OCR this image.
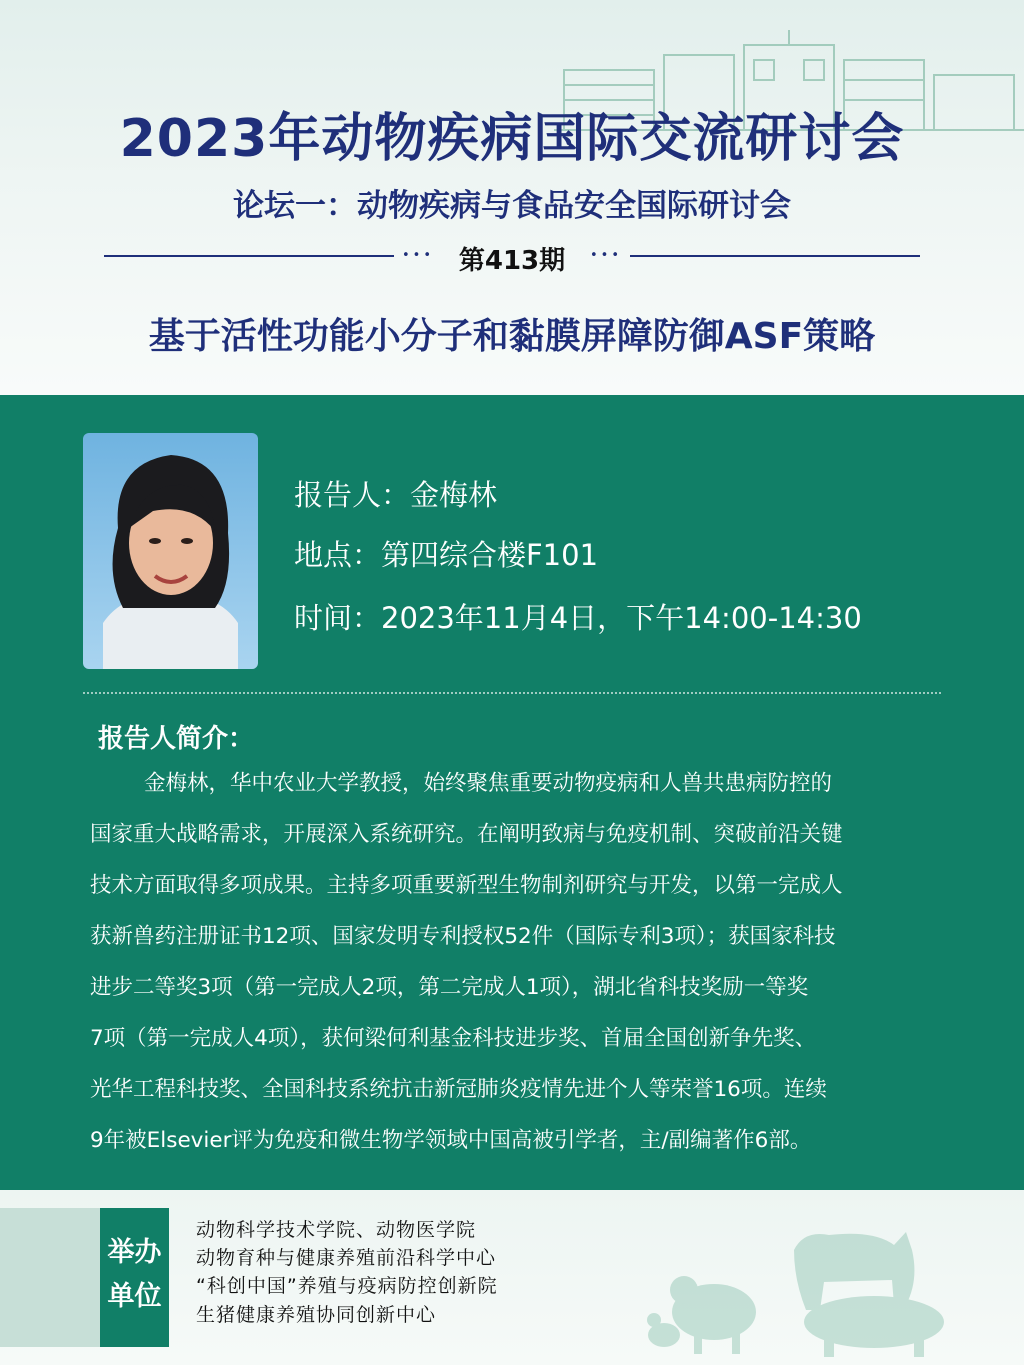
2023年动物疾病国际交流研讨会
论坛一：动物疾病与食品安全国际研讨会
••• 第413期	•••
基于活性功能小分子和黏膜屏障防御ASF策略
报告人：金梅林
地点：第四综合楼F101
时间：2023年11月4日，下午14:00-14:30
报告人简介：
金梅林，华中农业大学教授，始终聚焦重要动物疫病和人兽共患病防控的
国家重大战略需求，开展深入系统研究。在阐明致病与免疫机制、突破前沿关键
技术方面取得多项成果。主持多项重要新型生物制剂研究与开发，以第一完成人
获新兽药注册证书12项、国家发明专利授权52件（国际专利3项）；获国家科技
进步二等奖3项（第一完成人2项，第二完成人1项），湖北省科技奖励一等奖
7项（第一完成人4项），获何梁何利基金科技进步奖、首届全国创新争先奖、
光华工程科技奖、全国科技系统抗击新冠肺炎疫情先进个人等荣誉16项。连续
9年被Elsevier评为免疫和微生物学领域中国高被引学者，主/副编著作6部。
举办
单位
动物科学技术学院、动物医学院
动物育种与健康养殖前沿科学中心
“科创中国”养殖与疫病防控创新院
生猪健康养殖协同创新中心
